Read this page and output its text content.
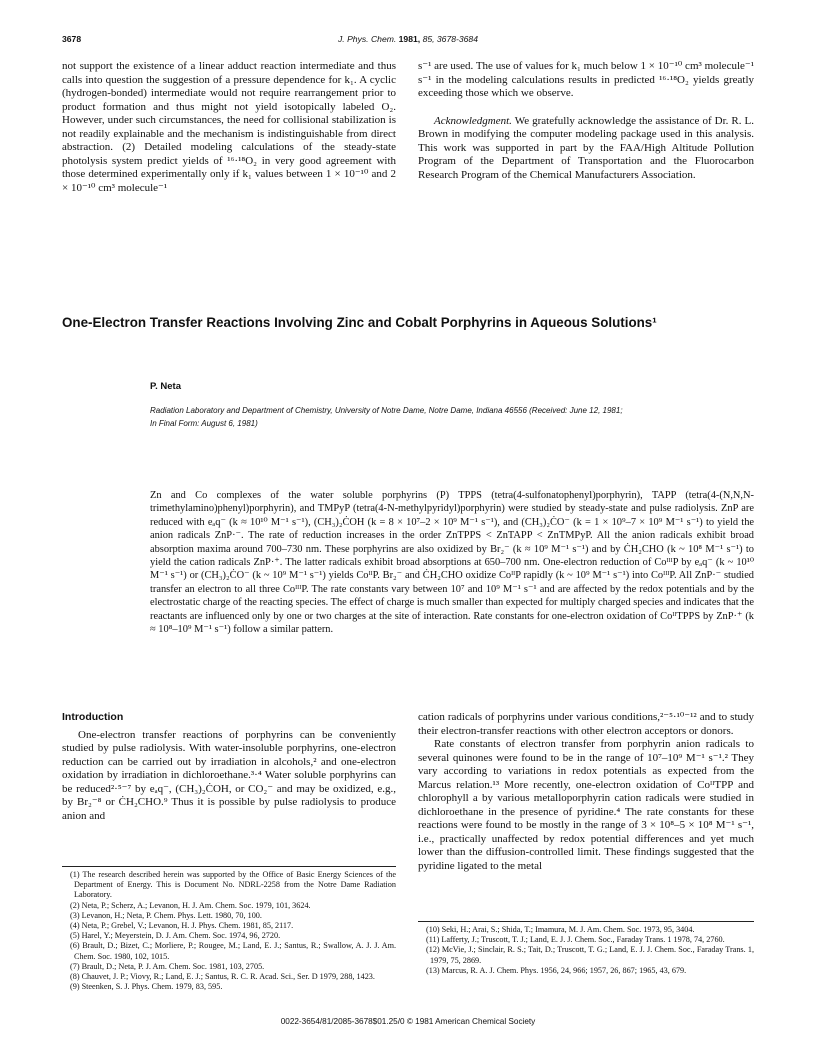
3678	J. Phys. Chem. 1981, 85, 3678-3684

not support the existence of a linear adduct reaction intermediate and thus calls into question the suggestion of a pressure dependence for k₁. A cyclic (hydrogen-bonded) intermediate would not require rearrangement prior to product formation and thus might not yield isotopically labeled O₂. However, under such circumstances, the need for collisional stabilization is not readily explainable and the mechanism is indistinguishable from direct abstraction. (2) Detailed modeling calculations of the steady-state photolysis system predict yields of ¹⁶·¹⁸O₂ in very good agreement with those determined experimentally only if k₁ values between 1 × 10⁻¹⁰ and 2 × 10⁻¹⁰ cm³ molecule⁻¹

s⁻¹ are used. The use of values for k₁ much below 1 × 10⁻¹⁰ cm³ molecule⁻¹ s⁻¹ in the modeling calculations results in predicted ¹⁶·¹⁸O₂ yields greatly exceeding those which we observe.

Acknowledgment. We gratefully acknowledge the assistance of Dr. R. L. Brown in modifying the computer modeling package used in this analysis. This work was supported in part by the FAA/High Altitude Pollution Program of the Department of Transportation and the Fluorocarbon Research Program of the Chemical Manufacturers Association.

One-Electron Transfer Reactions Involving Zinc and Cobalt Porphyrins in Aqueous Solutions¹
P. Neta
Radiation Laboratory and Department of Chemistry, University of Notre Dame, Notre Dame, Indiana 46556 (Received: June 12, 1981;
In Final Form: August 6, 1981)
Zn and Co complexes of the water soluble porphyrins (P) TPPS (tetra(4-sulfonatophenyl)porphyrin), TAPP (tetra(4-(N,N,N-trimethylamino)phenyl)porphyrin), and TMPyP (tetra(4-N-methylpyridyl)porphyrin) were studied by steady-state and pulse radiolysis. ZnP are reduced with eₐq⁻ (k ≈ 10¹⁰ M⁻¹ s⁻¹), (CH₃)₂ĊOH (k = 8 × 10⁷–2 × 10⁹ M⁻¹ s⁻¹), and (CH₃)₂ĊO⁻ (k = 1 × 10⁹–7 × 10⁹ M⁻¹ s⁻¹) to yield the anion radicals ZnP·⁻. The rate of reduction increases in the order ZnTPPS < ZnTAPP < ZnTMPyP. All the anion radicals exhibit broad absorption maxima around 700–730 nm. These porphyrins are also oxidized by Br₂⁻ (k ≈ 10⁹ M⁻¹ s⁻¹) and by ĊH₂CHO (k ~ 10⁸ M⁻¹ s⁻¹) to yield the cation radicals ZnP·⁺. The latter radicals exhibit broad absorptions at 650–700 nm. One-electron reduction of CoᴵᴵᴵP by eₐq⁻ (k ~ 10¹⁰ M⁻¹ s⁻¹) or (CH₃)₂ĊO⁻ (k ~ 10⁹ M⁻¹ s⁻¹) yields CoᴵᴵP. Br₂⁻ and ĊH₂CHO oxidize CoᴵᴵP rapidly (k ~ 10⁹ M⁻¹ s⁻¹) into CoᴵᴵᴵP. All ZnP·⁻ studied transfer an electron to all three CoᴵᴵᴵP. The rate constants vary between 10⁷ and 10⁹ M⁻¹ s⁻¹ and are affected by the redox potentials and by the electrostatic charge of the reacting species. The effect of charge is much smaller than expected for multiply charged species and indicates that the reactants are influenced only by one or two charges at the site of interaction. Rate constants for one-electron oxidation of CoᴵᴵTPPS by ZnP·⁺ (k ≈ 10⁸–10⁹ M⁻¹ s⁻¹) follow a similar pattern.
Introduction

One-electron transfer reactions of porphyrins can be conveniently studied by pulse radiolysis. With water-insoluble porphyrins, one-electron reduction can be carried out by irradiation in alcohols,² and one-electron oxidation by irradiation in dichloroethane.³·⁴ Water soluble porphyrins can be reduced²·⁵⁻⁷ by eₐq⁻, (CH₃)₂ĊOH, or CO₂⁻ and may be oxidized, e.g., by Br₂⁻⁸ or ĊH₂CHO.⁹ Thus it is possible by pulse radiolysis to produce anion and

cation radicals of porphyrins under various conditions,²⁻⁵·¹⁰⁻¹² and to study their electron-transfer reactions with other electron acceptors or donors.

Rate constants of electron transfer from porphyrin anion radicals to several quinones were found to be in the range of 10⁷–10⁹ M⁻¹ s⁻¹.² They vary according to variations in redox potentials as expected from the Marcus relation.¹³ More recently, one-electron oxidation of CoᴵᴵTPP and chlorophyll a by various metalloporphyrin cation radicals were studied in dichloroethane in the presence of pyridine.⁴ The rate constants for these reactions were found to be mostly in the range of 3 × 10⁸–5 × 10⁸ M⁻¹ s⁻¹, i.e., practically unaffected by redox potential differences and yet much lower than the diffusion-controlled limit. These findings suggested that the pyridine ligated to the metal

(1) The research described herein was supported by the Office of Basic Energy Sciences of the Department of Energy. This is Document No. NDRL-2258 from the Notre Dame Radiation Laboratory.

(2) Neta, P.; Scherz, A.; Levanon, H. J. Am. Chem. Soc. 1979, 101, 3624.

(3) Levanon, H.; Neta, P. Chem. Phys. Lett. 1980, 70, 100.

(4) Neta, P.; Grebel, V.; Levanon, H. J. Phys. Chem. 1981, 85, 2117.

(5) Harel, Y.; Meyerstein, D. J. Am. Chem. Soc. 1974, 96, 2720.

(6) Brault, D.; Bizet, C.; Morliere, P.; Rougee, M.; Land, E. J.; Santus, R.; Swallow, A. J. J. Am. Chem. Soc. 1980, 102, 1015.

(7) Brault, D.; Neta, P. J. Am. Chem. Soc. 1981, 103, 2705.

(8) Chauvet, J. P.; Viovy, R.; Land, E. J.; Santus, R. C. R. Acad. Sci., Ser. D 1979, 288, 1423.

(9) Steenken, S. J. Phys. Chem. 1979, 83, 595.

(10) Seki, H.; Arai, S.; Shida, T.; Imamura, M. J. Am. Chem. Soc. 1973, 95, 3404.

(11) Lafferty, J.; Truscott, T. J.; Land, E. J. J. Chem. Soc., Faraday Trans. 1 1978, 74, 2760.

(12) McVie, J.; Sinclair, R. S.; Tait, D.; Truscott, T. G.; Land, E. J. J. Chem. Soc., Faraday Trans. 1, 1979, 75, 2869.

(13) Marcus, R. A. J. Chem. Phys. 1956, 24, 966; 1957, 26, 867; 1965, 43, 679.

0022-3654/81/2085-3678$01.25/0 © 1981 American Chemical Society
